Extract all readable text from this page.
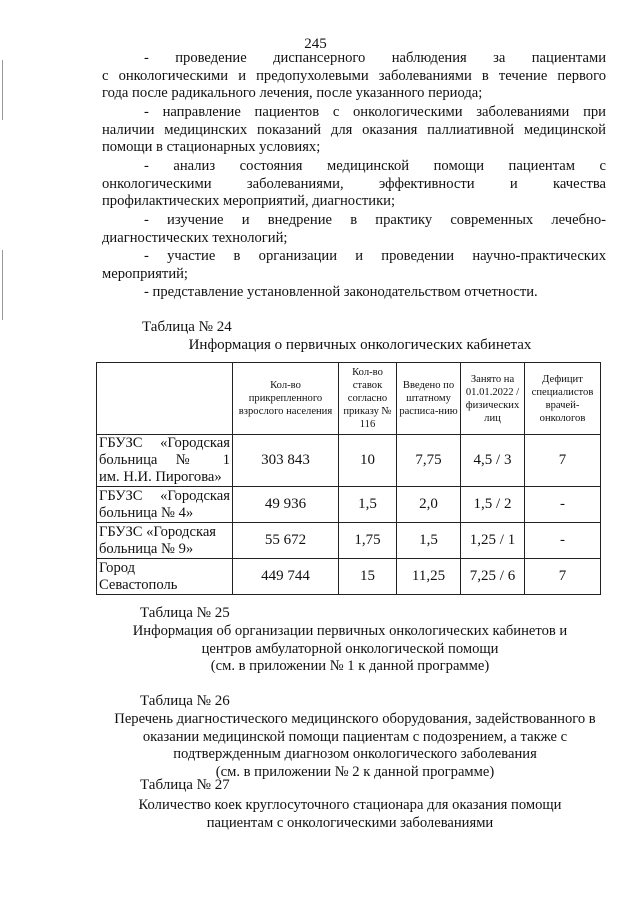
245
- проведение диспансерного наблюдения за пациентами
с онкологическими и предопухолевыми заболеваниями в течение первого
года после радикального лечения, после указанного периода;
- направление пациентов с онкологическими заболеваниями при
наличии медицинских показаний для оказания паллиативной медицинской
помощи в стационарных условиях;
- анализ состояния медицинской помощи пациентам с
онкологическими заболеваниями, эффективности и качества
профилактических мероприятий, диагностики;
- изучение и внедрение в практику современных лечебно-
диагностических технологий;
- участие в организации и проведении научно-практических
мероприятий;
- представление установленной законодательством отчетности.
Таблица № 24
Информация о первичных онкологических кабинетах
	Кол-во прикрепленного взрослого населения	Кол-во ставок согласно приказу № 116	Введено по штатному расписа-нию	Занято на 01.01.2022 / физических лиц	Дефицит специалистов врачей-онкологов

ГБУЗС «Городская
больница № 1
им. Н.И. Пирогова»	303 843	10	7,75	4,5 / 3	7

ГБУЗС «Городская
больница № 4»	49 936	1,5	2,0	1,5 / 2	-

ГБУЗС «Городская
больница № 9»	55 672	1,75	1,5	1,25 / 1	-

Город
Севастополь	449 744	15	11,25	7,25 / 6	7
Таблица № 25
Информация об организации первичных онкологических кабинетов и
центров амбулаторной онкологической помощи
(см. в приложении № 1 к данной программе)
Таблица № 26
Перечень диагностического медицинского оборудования, задействованного в
оказании медицинской помощи пациентам с подозрением, а также с
подтвержденным диагнозом онкологического заболевания
(см. в приложении № 2 к данной программе)
Таблица № 27
Количество коек круглосуточного стационара для оказания помощи
пациентам с онкологическими заболеваниями
